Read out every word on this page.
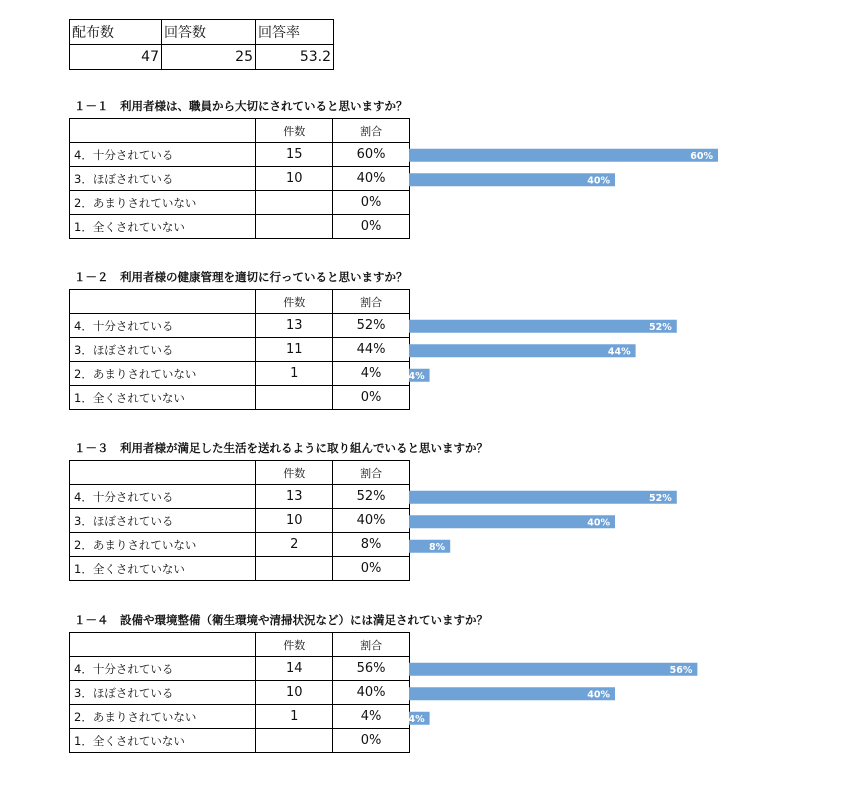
配布数	回答数	回答率
47	25	53.2
１－１　利用者様は、職員から大切にされていると思いますか？
	件数	割合
4．十分されている	15	60%
3．ほぼされている	10	40%
2．あまりされていない		0%
1．全くされていない		0%
１－２　利用者様の健康管理を適切に行っていると思いますか？
	件数	割合
4．十分されている	13	52%
3．ほぼされている	11	44%
2．あまりされていない	1	4%
1．全くされていない		0%
１－３　利用者様が満足した生活を送れるように取り組んでいると思いますか？
	件数	割合
4．十分されている	13	52%
3．ほぼされている	10	40%
2．あまりされていない	2	8%
1．全くされていない		0%
１－４　設備や環境整備（衛生環境や清掃状況など）には満足されていますか？
	件数	割合
4．十分されている	14	56%
3．ほぼされている	10	40%
2．あまりされていない	1	4%
1．全くされていない		0%
60%
40%
52%
44%
4%
52%
40%
8%
56%
40%
4%
